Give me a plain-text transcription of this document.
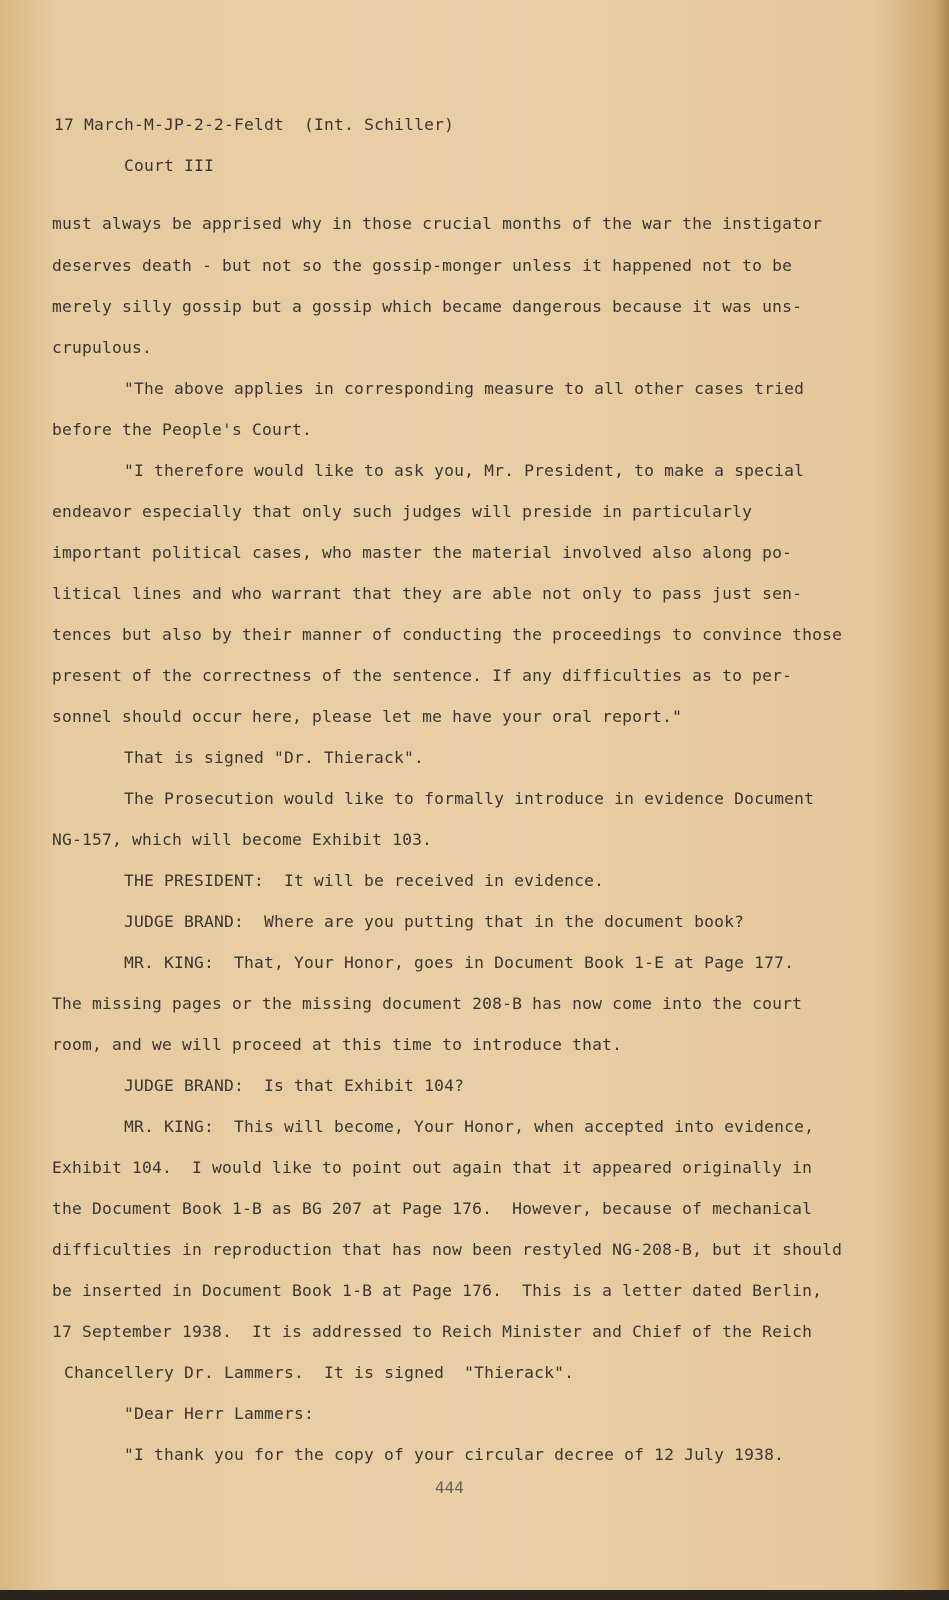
17 March-M-JP-2-2-Feldt  (Int. Schiller)
Court III
must always be apprised why in those crucial months of the war the instigator
deserves death - but not so the gossip-monger unless it happened not to be
merely silly gossip but a gossip which became dangerous because it was uns-
crupulous.
"The above applies in corresponding measure to all other cases tried
before the People's Court.
"I therefore would like to ask you, Mr. President, to make a special
endeavor especially that only such judges will preside in particularly
important political cases, who master the material involved also along po-
litical lines and who warrant that they are able not only to pass just sen-
tences but also by their manner of conducting the proceedings to convince those
present of the correctness of the sentence. If any difficulties as to per-
sonnel should occur here, please let me have your oral report."
That is signed "Dr. Thierack".
The Prosecution would like to formally introduce in evidence Document
NG-157, which will become Exhibit 103.
THE PRESIDENT:  It will be received in evidence.
JUDGE BRAND:  Where are you putting that in the document book?
MR. KING:  That, Your Honor, goes in Document Book 1-E at Page 177.
The missing pages or the missing document 208-B has now come into the court
room, and we will proceed at this time to introduce that.
JUDGE BRAND:  Is that Exhibit 104?
MR. KING:  This will become, Your Honor, when accepted into evidence,
Exhibit 104.  I would like to point out again that it appeared originally in
the Document Book 1-B as BG 207 at Page 176.  However, because of mechanical
difficulties in reproduction that has now been restyled NG-208-B, but it should
be inserted in Document Book 1-B at Page 176.  This is a letter dated Berlin,
17 September 1938.  It is addressed to Reich Minister and Chief of the Reich
Chancellery Dr. Lammers.  It is signed  "Thierack".
"Dear Herr Lammers:
"I thank you for the copy of your circular decree of 12 July 1938.
444
